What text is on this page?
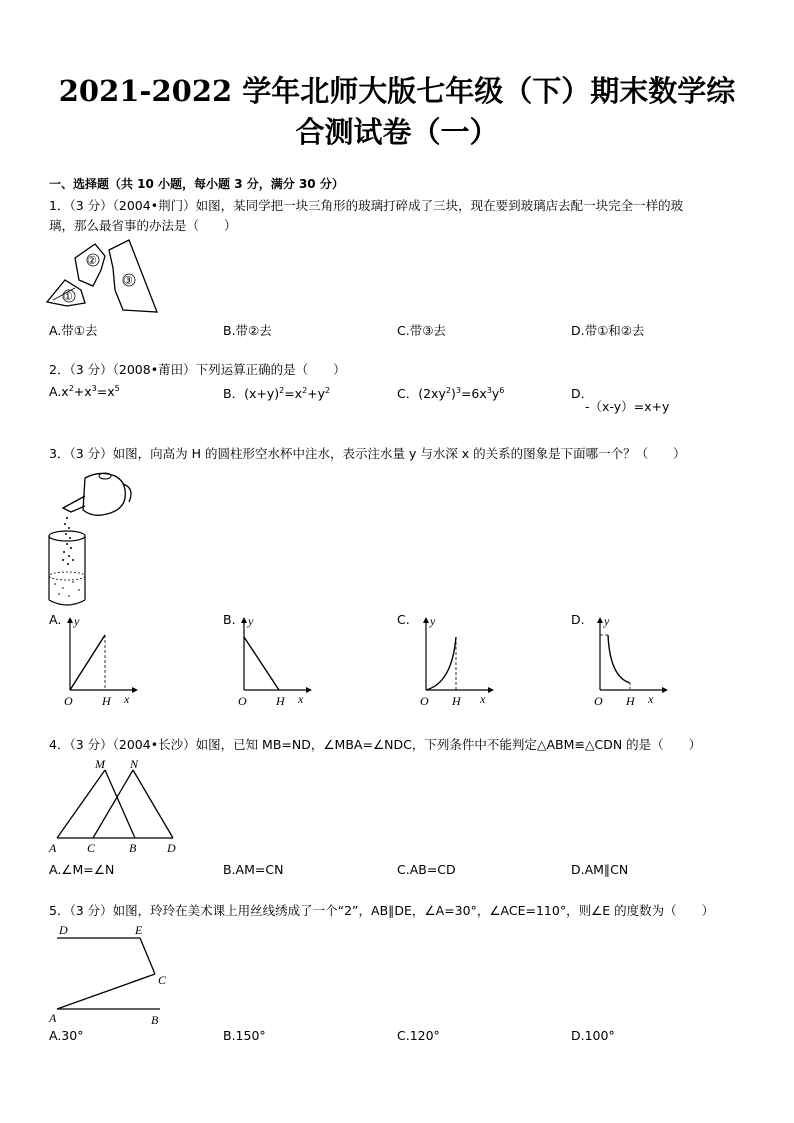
2021-2022 学年北师大版七年级（下）期末数学综
合测试卷（一）
一、选择题（共 10 小题，每小题 3 分，满分 30 分）
1．（3 分）（2004•荆门）如图，某同学把一块三角形的玻璃打碎成了三块，现在要到玻璃店去配一块完全一样的玻
璃，那么最省事的办法是（　　）
①
②
③
A.带①去	B.带②去	C.带③去	D.带①和②去
2．（3 分）（2008•莆田）下列运算正确的是（　　）
$A.x^2+x^3=x^5$	B．$(x+y)^2=x^2+y^2$	C．$(2xy^2)^3=6x^3y^6$	D．
-（x-y）=x+y
3．（3 分）如图，向高为 H 的圆柱形空水杯中注水，表示注水量 y 与水深 x 的关系的图象是下面哪一个？（　　）
A. y
O H x
B. y
O H x
C. y
O H x
D. y
O H x
4．（3 分）（2004•长沙）如图，已知 MB=ND，∠MBA=∠NDC，下列条件中不能判定△ABM≌△CDN 的是（　　）
M N
A	C	B	D
A.∠M=∠N	B.AM=CN	C.AB=CD	D.AM∥CN
5．（3 分）如图，玲玲在美术课上用丝线绣成了一个“2”，AB∥DE，∠A=30°，∠ACE=110°，则∠E 的度数为（　　）
D	E
C
A	B
A.30°	B.150°	C.120°	D.100°
